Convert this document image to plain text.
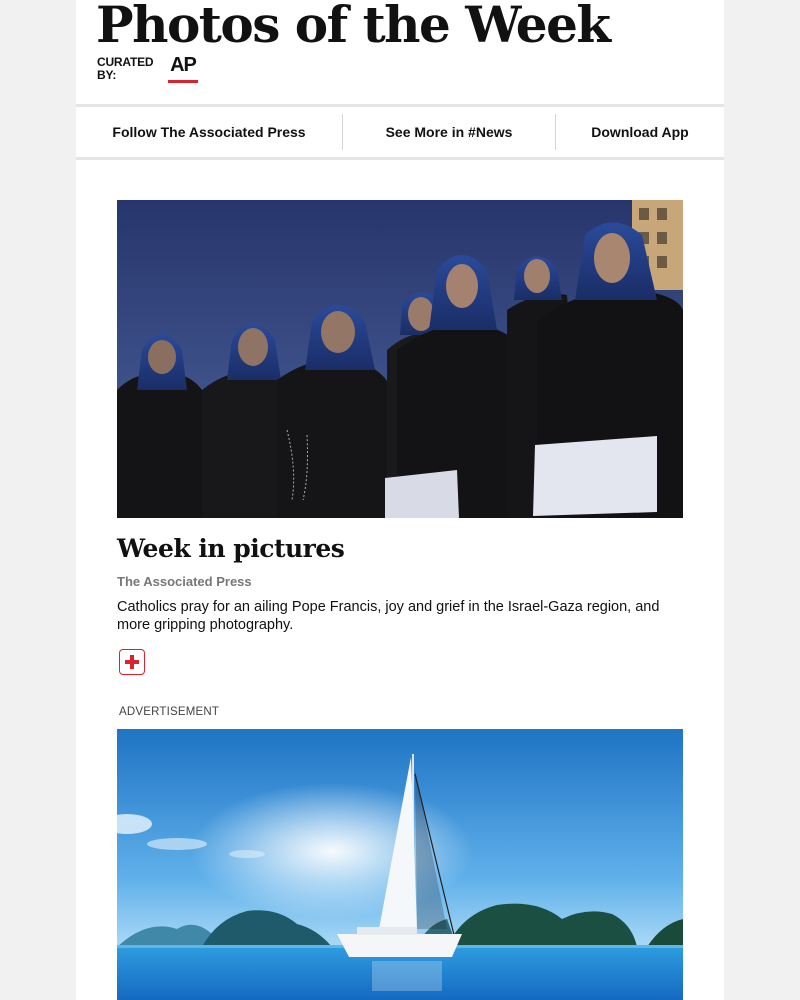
Photos of the Week
CURATED BY:	AP
Follow The Associated Press	See More in #News	Download App
Week in pictures
The Associated Press
Catholics pray for an ailing Pope Francis, joy and grief in the Israel-Gaza region, and more gripping photography.
ADVERTISEMENT
